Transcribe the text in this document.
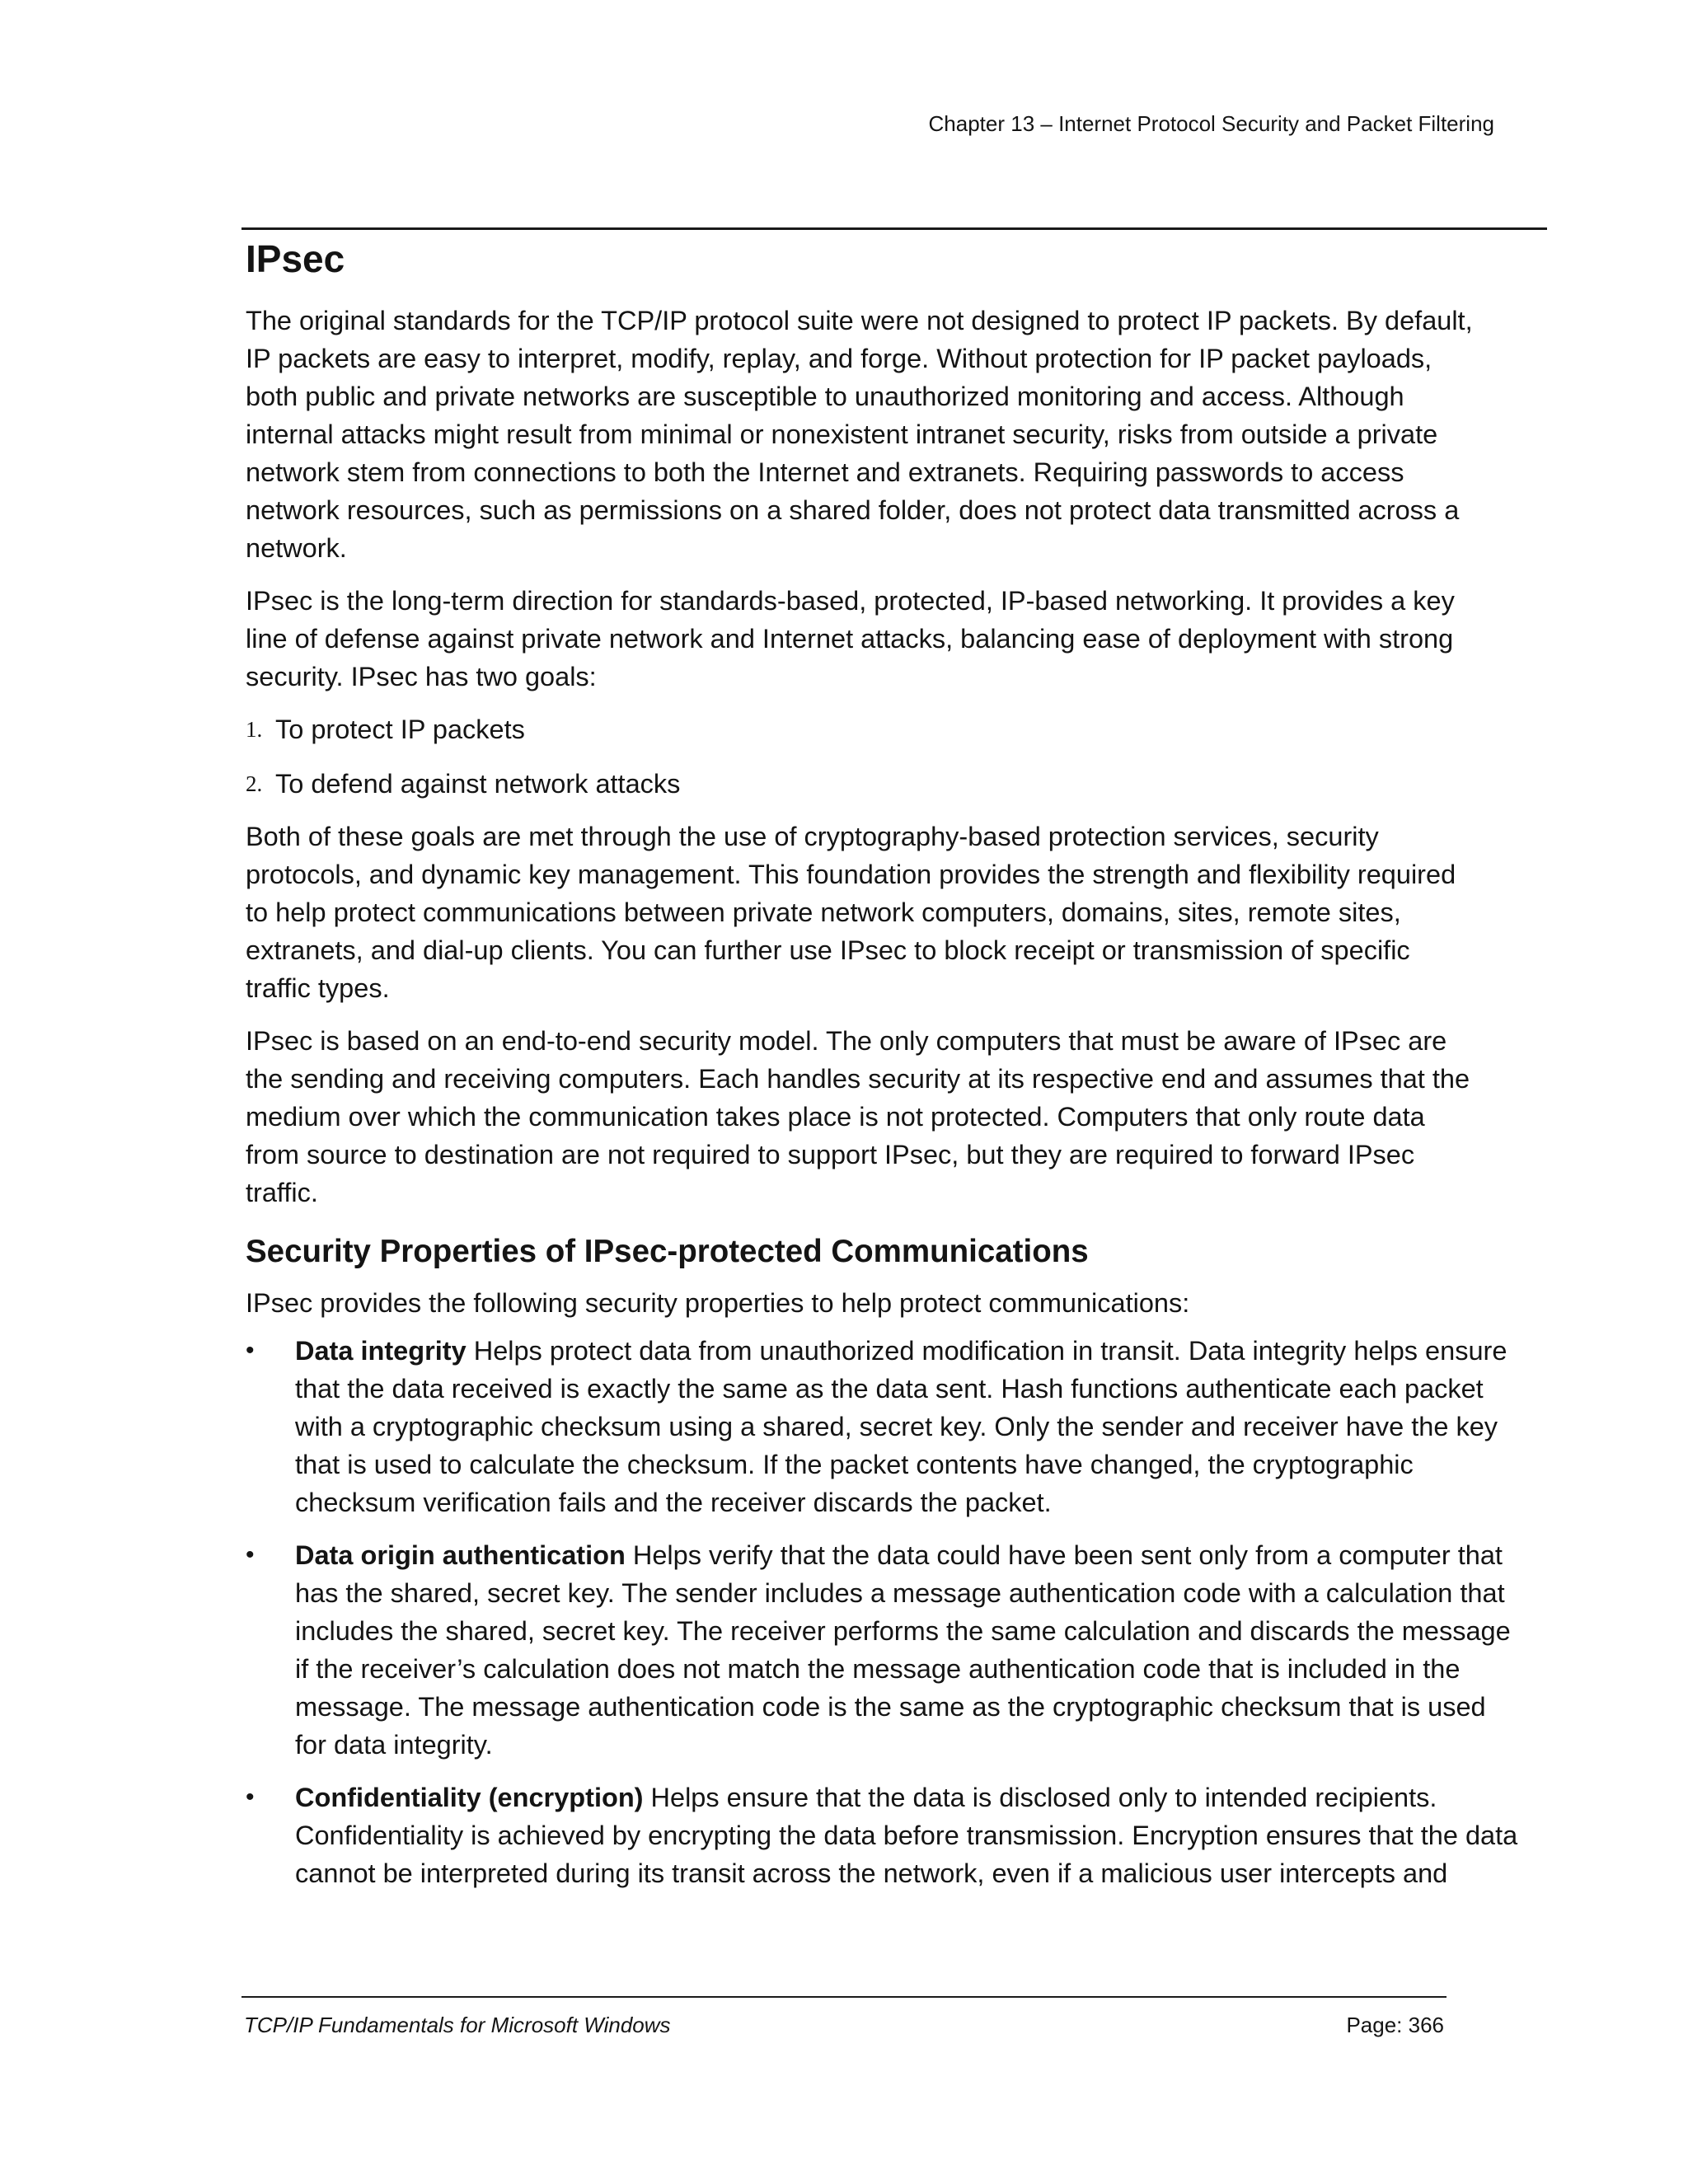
Chapter 13 – Internet Protocol Security and Packet Filtering
IPsec

The original standards for the TCP/IP protocol suite were not designed to protect IP packets. By default,
IP packets are easy to interpret, modify, replay, and forge. Without protection for IP packet payloads,
both public and private networks are susceptible to unauthorized monitoring and access. Although
internal attacks might result from minimal or nonexistent intranet security, risks from outside a private
network stem from connections to both the Internet and extranets. Requiring passwords to access
network resources, such as permissions on a shared folder, does not protect data transmitted across a
network.

IPsec is the long-term direction for standards-based, protected, IP-based networking. It provides a key
line of defense against private network and Internet attacks, balancing ease of deployment with strong
security. IPsec has two goals:

1. To protect IP packets
2. To defend against network attacks

Both of these goals are met through the use of cryptography-based protection services, security
protocols, and dynamic key management. This foundation provides the strength and flexibility required
to help protect communications between private network computers, domains, sites, remote sites,
extranets, and dial-up clients. You can further use IPsec to block receipt or transmission of specific
traffic types.

IPsec is based on an end-to-end security model. The only computers that must be aware of IPsec are
the sending and receiving computers. Each handles security at its respective end and assumes that the
medium over which the communication takes place is not protected. Computers that only route data
from source to destination are not required to support IPsec, but they are required to forward IPsec
traffic.

Security Properties of IPsec-protected Communications

IPsec provides the following security properties to help protect communications:

•	Data integrity Helps protect data from unauthorized modification in transit. Data integrity helps ensure
that the data received is exactly the same as the data sent. Hash functions authenticate each packet
with a cryptographic checksum using a shared, secret key. Only the sender and receiver have the key
that is used to calculate the checksum. If the packet contents have changed, the cryptographic
checksum verification fails and the receiver discards the packet.
•	Data origin authentication Helps verify that the data could have been sent only from a computer that
has the shared, secret key. The sender includes a message authentication code with a calculation that
includes the shared, secret key. The receiver performs the same calculation and discards the message
if the receiver’s calculation does not match the message authentication code that is included in the
message. The message authentication code is the same as the cryptographic checksum that is used
for data integrity.
•	Confidentiality (encryption) Helps ensure that the data is disclosed only to intended recipients.
Confidentiality is achieved by encrypting the data before transmission. Encryption ensures that the data
cannot be interpreted during its transit across the network, even if a malicious user intercepts and
TCP/IP Fundamentals for Microsoft Windows	Page: 366
